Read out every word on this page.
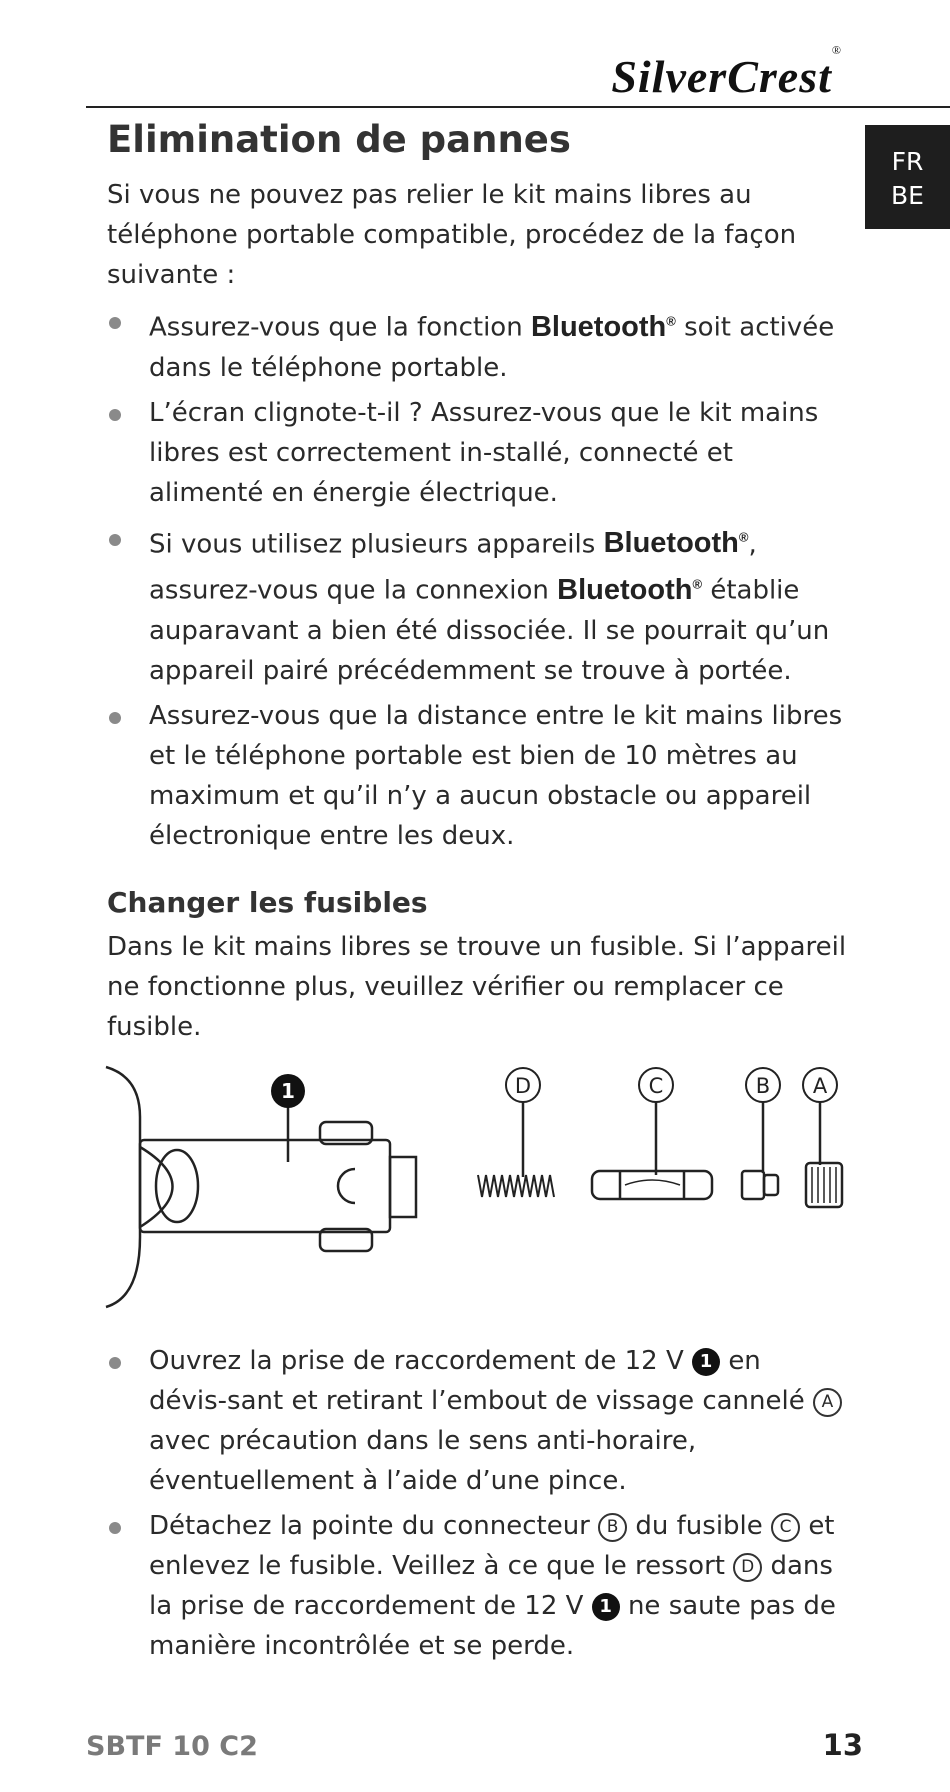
SilverCrest®
FR
BE
Elimination de pannes

Si vous ne pouvez pas relier le kit mains libres au téléphone portable compatible, procédez de la façon suivante :

Assurez-vous que la fonction Bluetooth® soit activée dans le téléphone portable.
L’écran clignote-t-il ? Assurez-vous que le kit mains libres est correctement in-stallé, connecté et alimenté en énergie électrique.
Si vous utilisez plusieurs appareils Bluetooth®, assurez-vous que la connexion Bluetooth® établie auparavant a bien été dissociée. Il se pourrait qu’un appareil pairé précédemment se trouve à portée.
Assurez-vous que la distance entre le kit mains libres et le téléphone portable est bien de 10 mètres au maximum et qu’il n’y a aucun obstacle ou appareil électronique entre les deux.
Changer les fusibles

Dans le kit mains libres se trouve un fusible. Si l’appareil ne fonctionne plus, veuillez vérifier ou remplacer ce fusible.

1	D	C	B A
Ouvrez la prise de raccordement de 12 V 1 en dévis-sant et retirant l’embout de vissage cannelé A avec précaution dans le sens anti-horaire, éventuellement à l’aide d’une pince.
Détachez la pointe du connecteur B du fusible C et enlevez le fusible. Veillez à ce que le ressort D dans la prise de raccordement de 12 V 1 ne saute pas de manière incontrôlée et se perde.
SBTF 10 C2	13
